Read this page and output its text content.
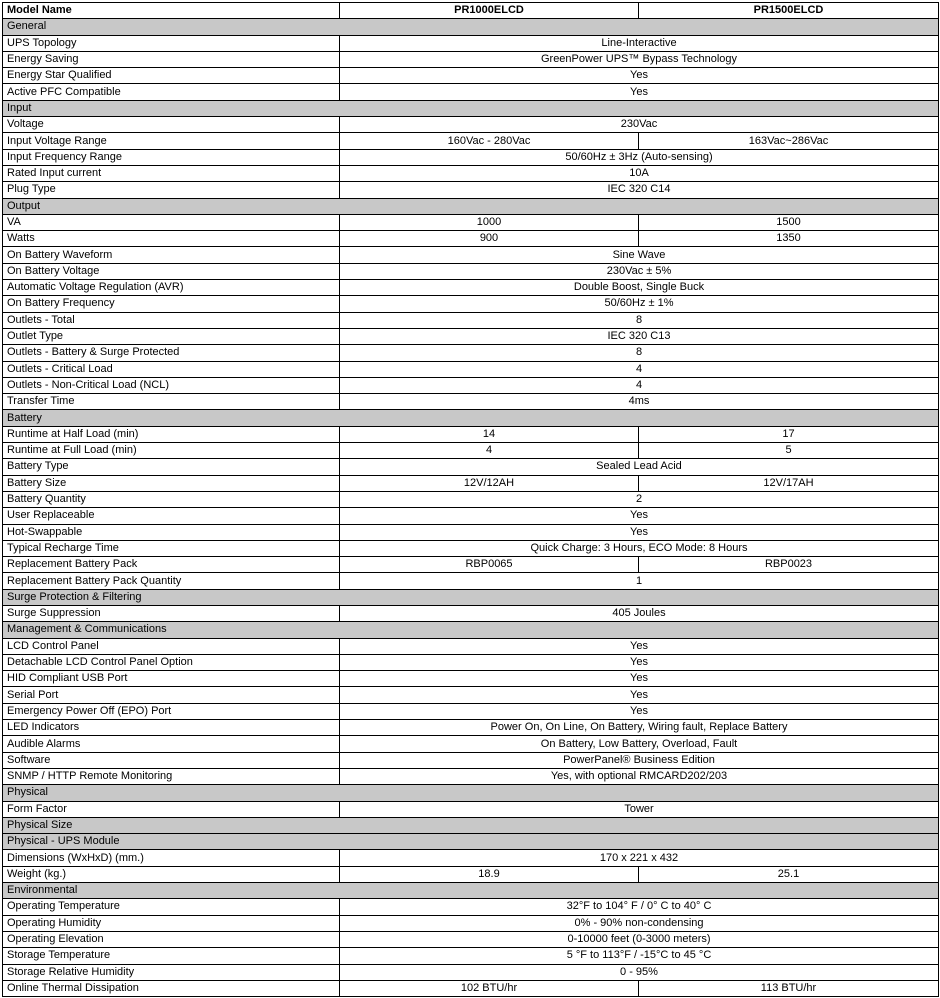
Model Name	PR1000ELCD	PR1500ELCD
General		
UPS Topology	Line-Interactive	
Energy Saving	GreenPower UPS™ Bypass Technology	
Energy Star Qualified	Yes	
Active PFC Compatible	Yes	
Input		
Voltage	230Vac	
Input Voltage Range	160Vac - 280Vac	163Vac~286Vac
Input Frequency Range	50/60Hz ± 3Hz (Auto-sensing)	
Rated Input current	10A	
Plug Type	IEC 320 C14	
Output		
VA	1000	1500
Watts	900	1350
On Battery Waveform	Sine Wave	
On Battery Voltage	230Vac ± 5%	
Automatic Voltage Regulation (AVR)	Double Boost, Single Buck	
On Battery Frequency	50/60Hz ± 1%	
Outlets - Total	8	
Outlet Type	IEC 320 C13	
Outlets - Battery & Surge Protected	8	
Outlets - Critical Load	4	
Outlets - Non-Critical Load (NCL)	4	
Transfer Time	4ms	
Battery		
Runtime at Half Load (min)	14	17
Runtime at Full Load (min)	4	5
Battery Type	Sealed Lead Acid	
Battery Size	12V/12AH	12V/17AH
Battery Quantity	2	
User Replaceable	Yes	
Hot-Swappable	Yes	
Typical Recharge Time	Quick Charge: 3 Hours, ECO Mode: 8 Hours	
Replacement Battery Pack	RBP0065	RBP0023
Replacement Battery Pack Quantity	1	
Surge Protection & Filtering		
Surge Suppression	405 Joules	
Management & Communications		
LCD Control Panel	Yes	
Detachable LCD Control Panel Option	Yes	
HID Compliant USB Port	Yes	
Serial Port	Yes	
Emergency Power Off (EPO) Port	Yes	
LED Indicators	Power On, On Line, On Battery, Wiring fault, Replace Battery	
Audible Alarms	On Battery, Low Battery, Overload, Fault	
Software	PowerPanel® Business Edition	
SNMP / HTTP Remote Monitoring	Yes, with optional RMCARD202/203	
Physical		
Form Factor	Tower	
Physical Size		
Physical - UPS Module		
Dimensions (WxHxD) (mm.)	170 x 221 x 432	
Weight (kg.)	18.9	25.1
Environmental		
Operating Temperature	32°F to 104° F / 0° C to 40° C	
Operating Humidity	0% - 90% non-condensing	
Operating Elevation	0-10000 feet (0-3000 meters)	
Storage Temperature	5 °F to 113°F / -15°C to 45 °C	
Storage Relative Humidity	0 - 95%	
Online Thermal Dissipation	102 BTU/hr	113 BTU/hr
